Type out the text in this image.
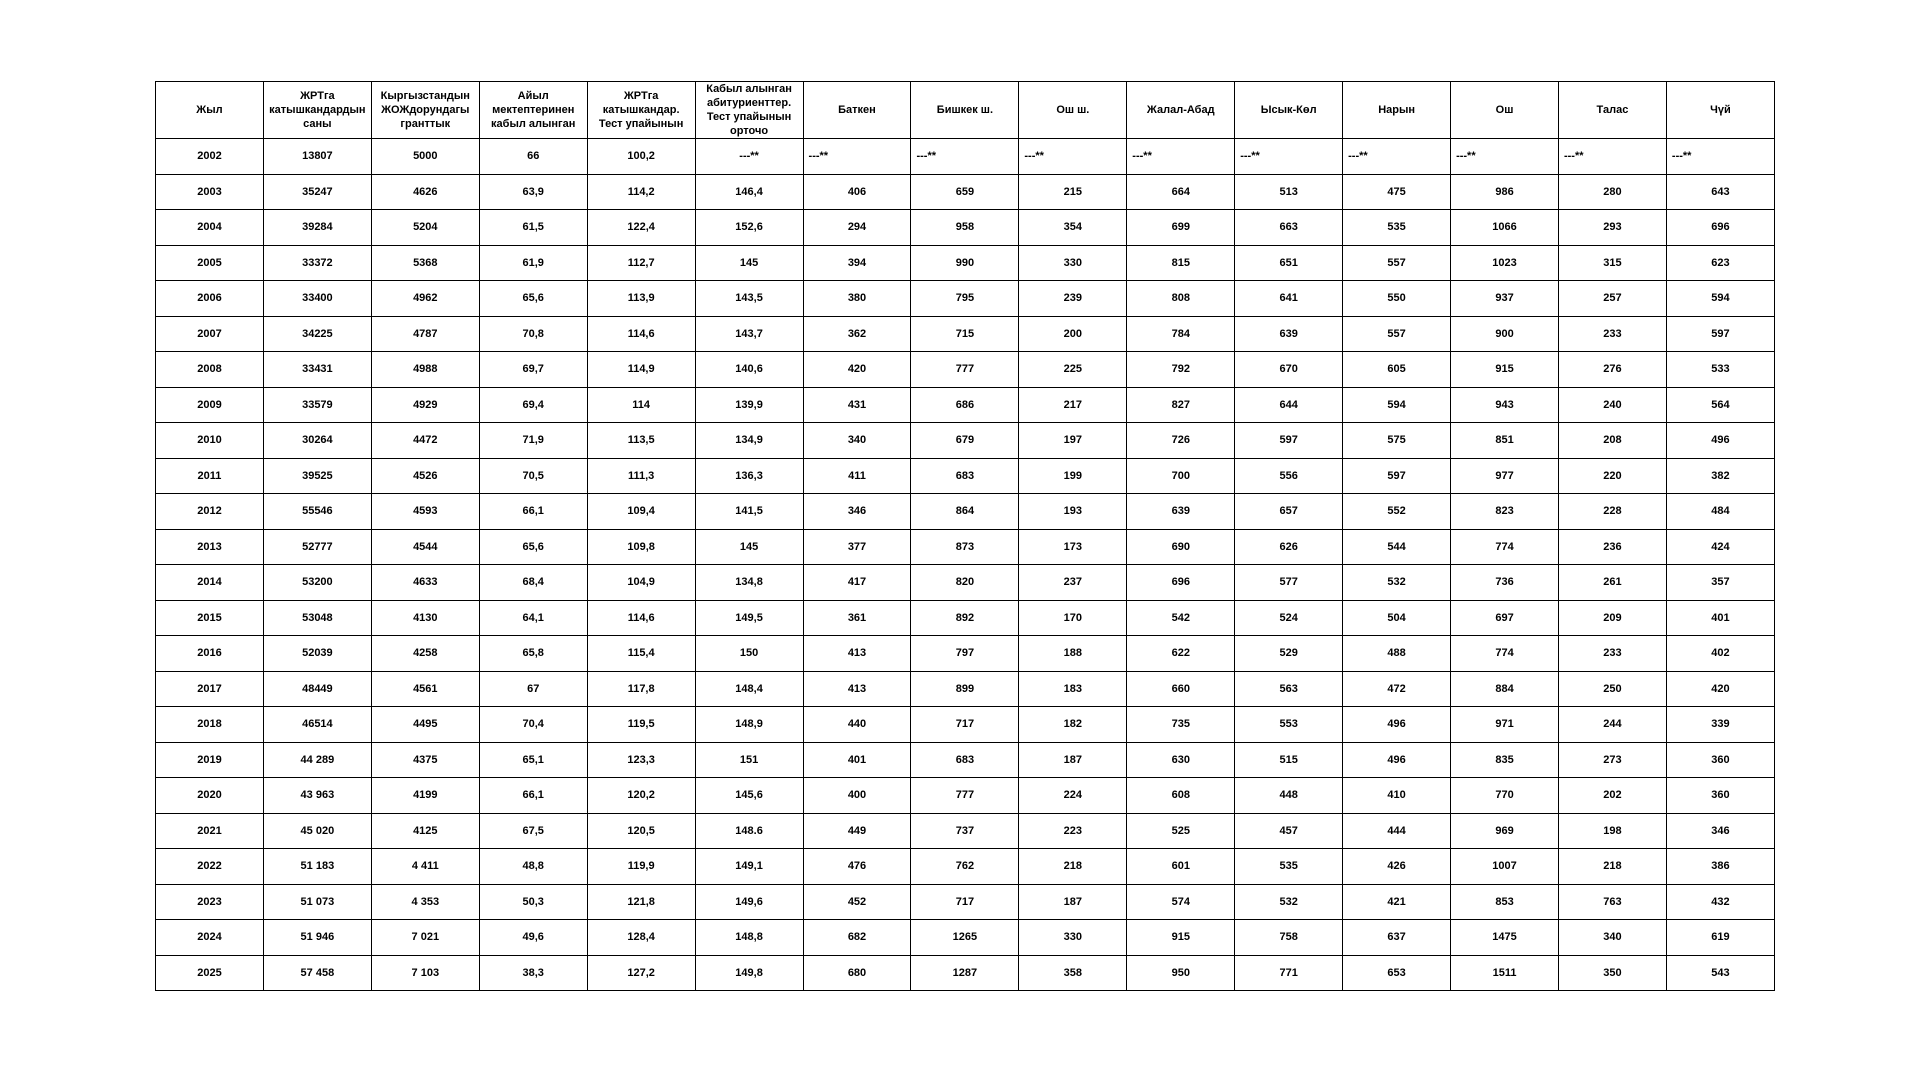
Жыл	ЖРТга катышкандардын саны	Кыргызстандын ЖОЖдорундагы гранттык	Айыл мектептеринен кабыл алынган	ЖРТга катышкандар. Тест упайынын	Кабыл алынган абитуриенттер. Тест упайынын орточо	Баткен	Бишкек ш.	Ош ш.	Жалал-Абад	Ысык-Көл	Нарын	Ош	Талас	Чүй

2002	13807	5000	66	100,2	---**	---**	---**	---**	---**	---**	---**	---**	---**	---**
2003	35247	4626	63,9	114,2	146,4	406	659	215	664	513	475	986	280	643
2004	39284	5204	61,5	122,4	152,6	294	958	354	699	663	535	1066	293	696
2005	33372	5368	61,9	112,7	145	394	990	330	815	651	557	1023	315	623
2006	33400	4962	65,6	113,9	143,5	380	795	239	808	641	550	937	257	594
2007	34225	4787	70,8	114,6	143,7	362	715	200	784	639	557	900	233	597
2008	33431	4988	69,7	114,9	140,6	420	777	225	792	670	605	915	276	533
2009	33579	4929	69,4	114	139,9	431	686	217	827	644	594	943	240	564
2010	30264	4472	71,9	113,5	134,9	340	679	197	726	597	575	851	208	496
2011	39525	4526	70,5	111,3	136,3	411	683	199	700	556	597	977	220	382
2012	55546	4593	66,1	109,4	141,5	346	864	193	639	657	552	823	228	484
2013	52777	4544	65,6	109,8	145	377	873	173	690	626	544	774	236	424
2014	53200	4633	68,4	104,9	134,8	417	820	237	696	577	532	736	261	357
2015	53048	4130	64,1	114,6	149,5	361	892	170	542	524	504	697	209	401
2016	52039	4258	65,8	115,4	150	413	797	188	622	529	488	774	233	402
2017	48449	4561	67	117,8	148,4	413	899	183	660	563	472	884	250	420
2018	46514	4495	70,4	119,5	148,9	440	717	182	735	553	496	971	244	339
2019	44 289	4375	65,1	123,3	151	401	683	187	630	515	496	835	273	360
2020	43 963	4199	66,1	120,2	145,6	400	777	224	608	448	410	770	202	360
2021	45 020	4125	67,5	120,5	148.6	449	737	223	525	457	444	969	198	346
2022	51 183	4 411	48,8	119,9	149,1	476	762	218	601	535	426	1007	218	386
2023	51 073	4 353	50,3	121,8	149,6	452	717	187	574	532	421	853	763	432
2024	51 946	7 021	49,6	128,4	148,8	682	1265	330	915	758	637	1475	340	619
2025	57 458	7 103	38,3	127,2	149,8	680	1287	358	950	771	653	1511	350	543
